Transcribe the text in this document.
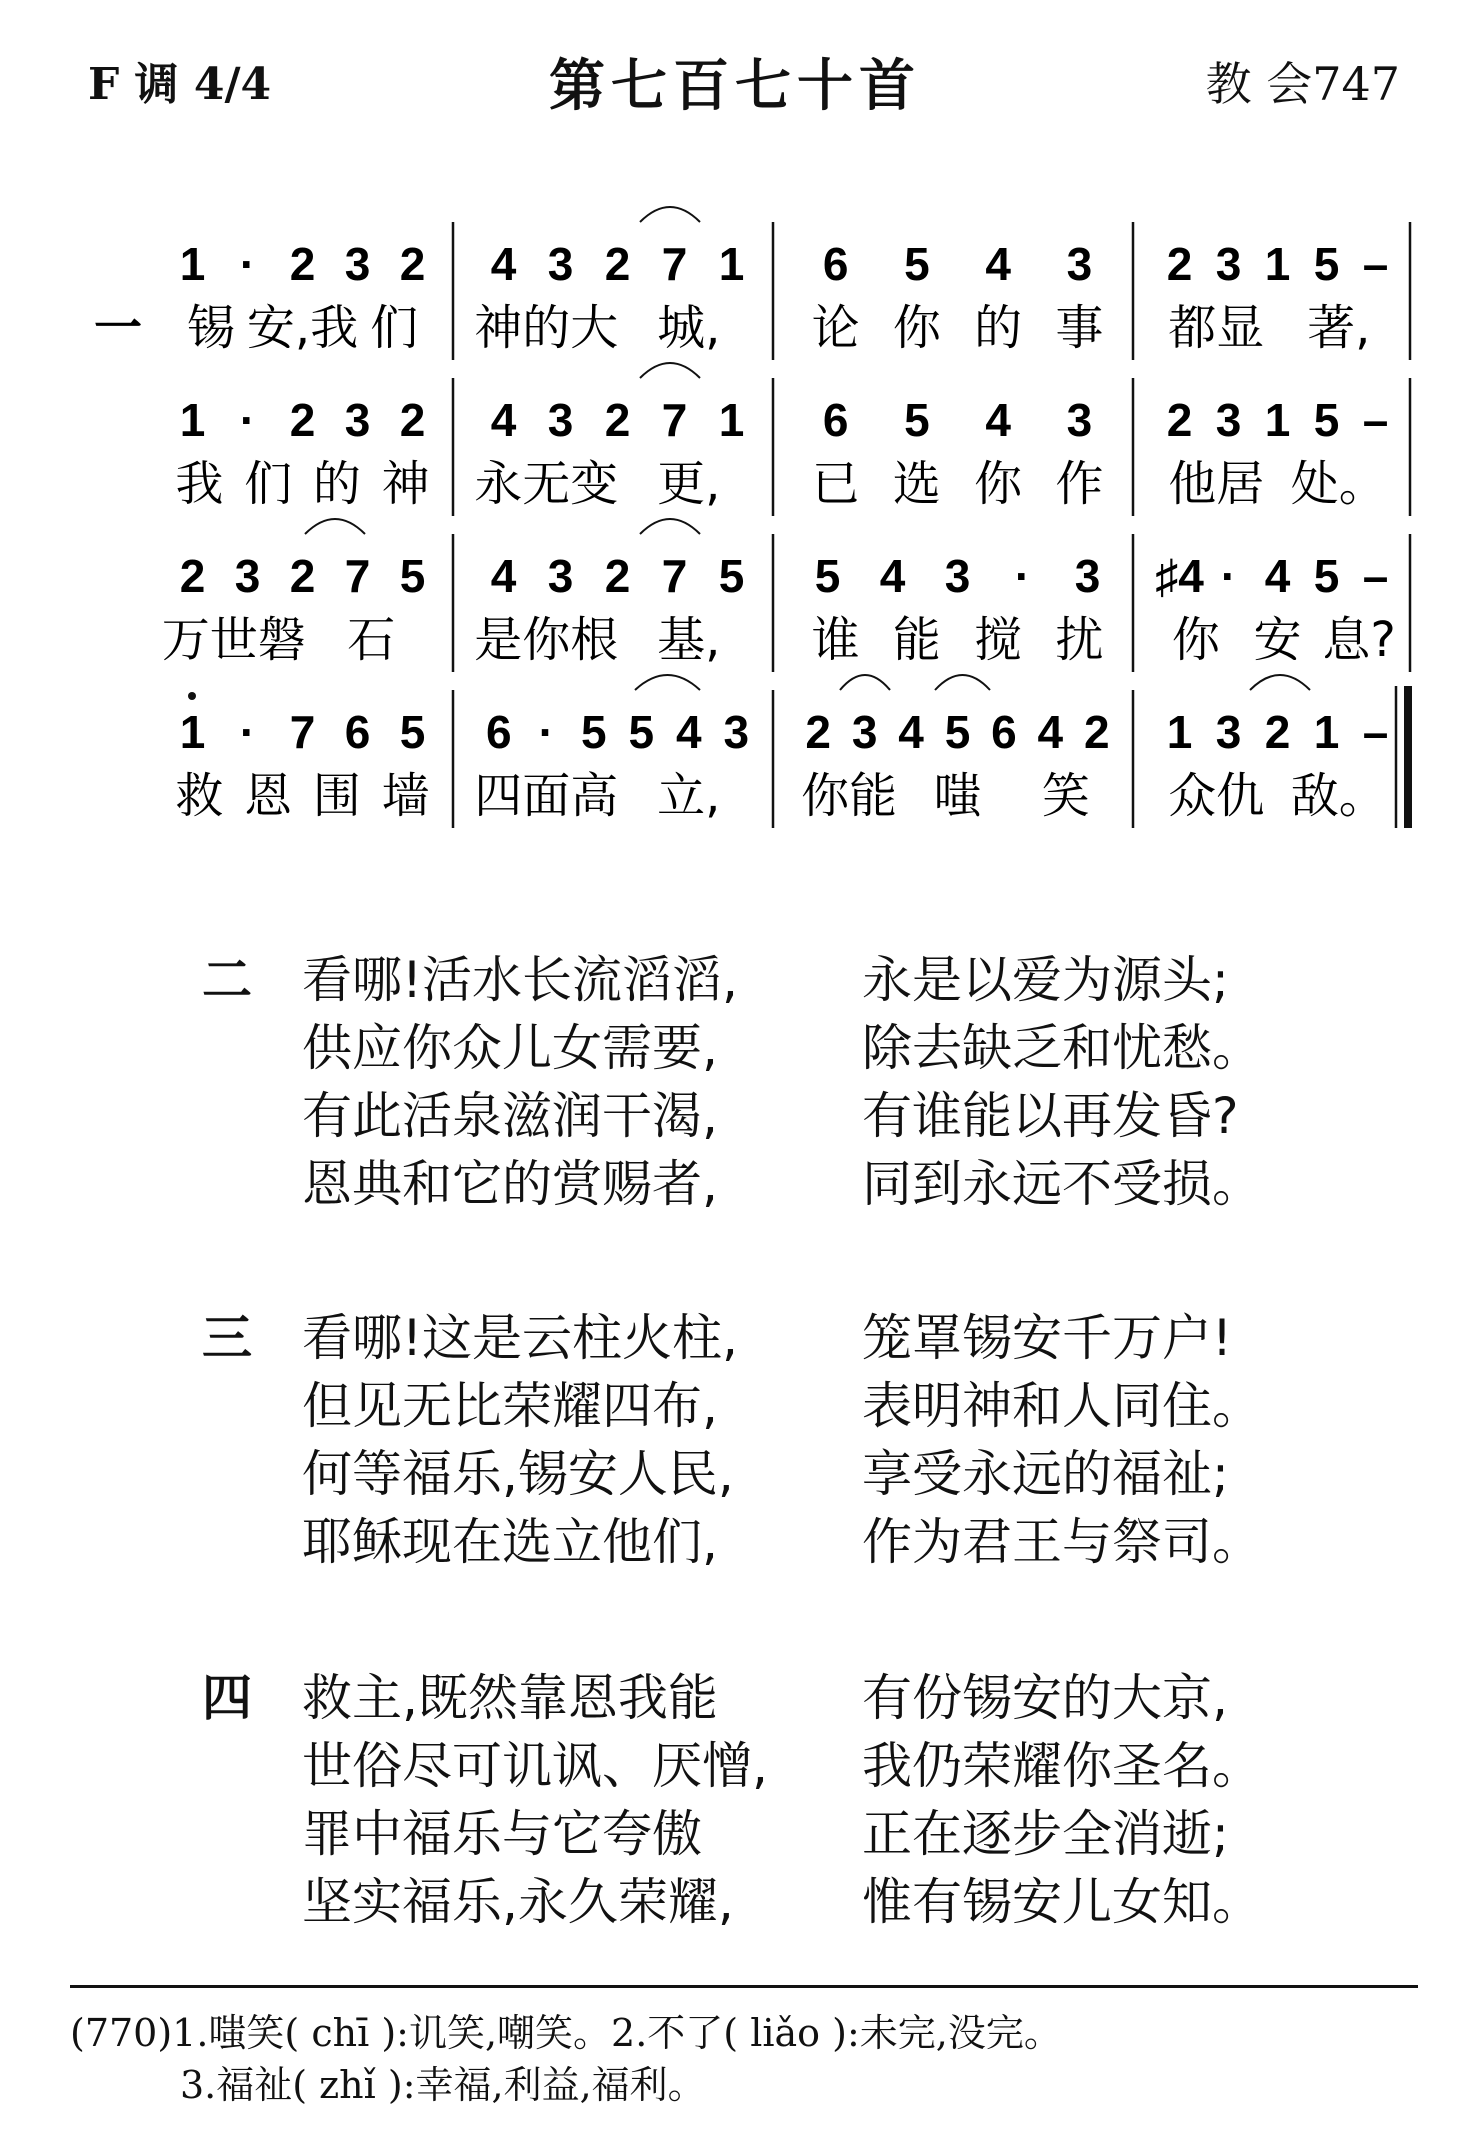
F 调 4/4	第七百七十首	教 会747
1 · 2 3 2 4 3 2 7 1 6 5 4 3 2 3 1 5 –
锡 安,我 们 神的大 城, 论 你 的 事 都显 著,
1 · 2 3 2 4 3 2 7 1 6 5 4 3 2 3 1 5 –
我 们 的 神 永无变 更, 已 选 你 作 他居 处。
2 3 2 7 5 4 3 2 7 5 5 4 3 · 3 ♯4 · 4 5 –
万世磐 石 是你根 基, 谁 能 搅 扰 你 安 息?
1 · 7 6 5 6 · 5 5 4 3 2 3 4 5 6 4 2 1 3 2 1 –
救 恩 围 墙 四面高 立, 你能 嗤 笑 众仇 敌。
一
二 看哪!活水长流滔滔, 永是以爱为源头;
供应你众儿女需要,	除去缺乏和忧愁。
有此活泉滋润干渴,	有谁能以再发昏?
恩典和它的赏赐者,	同到永远不受损。
三 看哪!这是云柱火柱, 笼罩锡安千万户!
但见无比荣耀四布,	表明神和人同住。
何等福乐,锡安人民,	享受永远的福祉;
耶稣现在选立他们,	作为君王与祭司。
四 救主,既然靠恩我能	有份锡安的大京,
世俗尽可讥讽、厌憎, 我仍荣耀你圣名。
罪中福乐与它夸傲	正在逐步全消逝;
坚实福乐,永久荣耀,	惟有锡安儿女知。
(770)1.嗤笑( chī ):讥笑,嘲笑。2.不了( liǎo ):未完,没完。
3.福祉( zhǐ ):幸福,利益,福利。
